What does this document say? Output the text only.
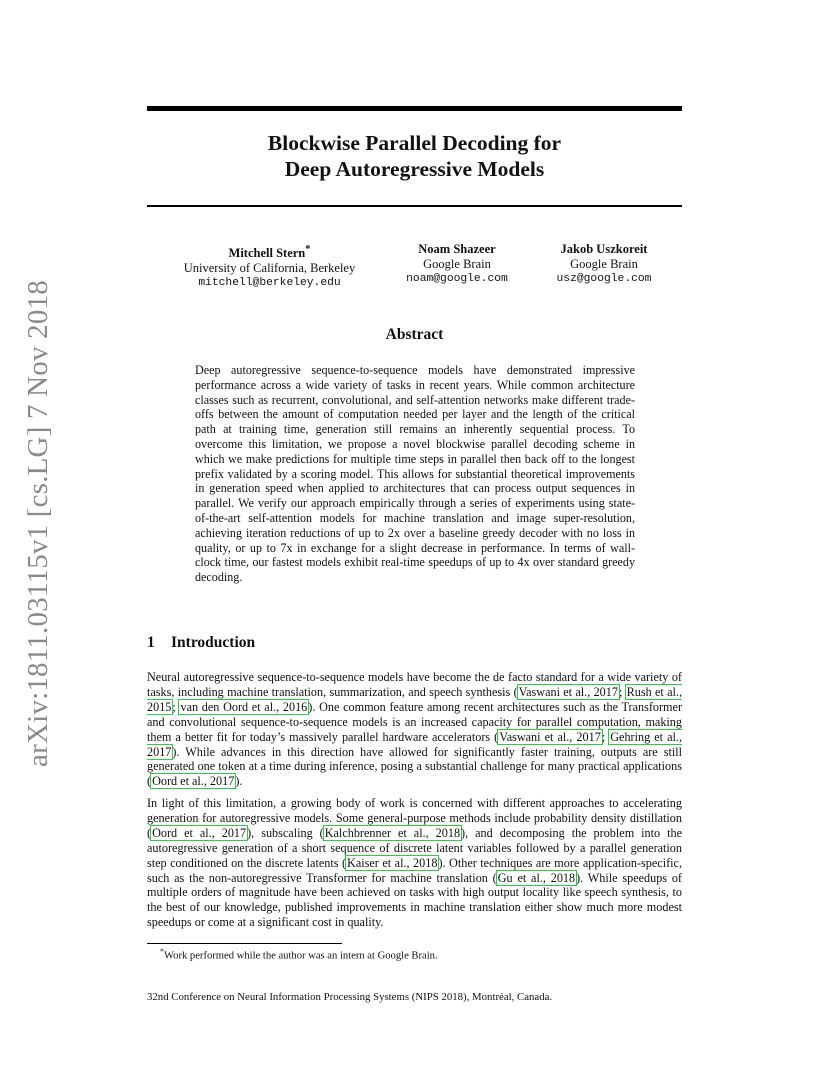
arXiv:1811.03115v1 [cs.LG] 7 Nov 2018
Blockwise Parallel Decoding for
Deep Autoregressive Models
Mitchell Stern*
University of California, Berkeley
mitchell@berkeley.edu
Noam Shazeer
Google Brain
noam@google.com
Jakob Uszkoreit
Google Brain
usz@google.com
Abstract
Deep autoregressive sequence-to-sequence models have demonstrated impressive performance across a wide variety of tasks in recent years. While common architecture classes such as recurrent, convolutional, and self-attention networks make different trade-offs between the amount of computation needed per layer and the length of the critical path at training time, generation still remains an inherently sequential process. To overcome this limitation, we propose a novel blockwise parallel decoding scheme in which we make predictions for multiple time steps in parallel then back off to the longest prefix validated by a scoring model. This allows for substantial theoretical improvements in generation speed when applied to architectures that can process output sequences in parallel. We verify our approach empirically through a series of experiments using state-of-the-art self-attention models for machine translation and image super-resolution, achieving iteration reductions of up to 2x over a baseline greedy decoder with no loss in quality, or up to 7x in exchange for a slight decrease in performance. In terms of wall-clock time, our fastest models exhibit real-time speedups of up to 4x over standard greedy decoding.
1 Introduction
Neural autoregressive sequence-to-sequence models have become the de facto standard for a wide variety of tasks, including machine translation, summarization, and speech synthesis (Vaswani et al., 2017; Rush et al., 2015; van den Oord et al., 2016). One common feature among recent architectures such as the Transformer and convolutional sequence-to-sequence models is an increased capacity for parallel computation, making them a better fit for today’s massively parallel hardware accelerators (Vaswani et al., 2017; Gehring et al., 2017). While advances in this direction have allowed for significantly faster training, outputs are still generated one token at a time during inference, posing a substantial challenge for many practical applications (Oord et al., 2017).
In light of this limitation, a growing body of work is concerned with different approaches to accelerating generation for autoregressive models. Some general-purpose methods include probability density distillation (Oord et al., 2017), subscaling (Kalchbrenner et al., 2018), and decomposing the problem into the autoregressive generation of a short sequence of discrete latent variables followed by a parallel generation step conditioned on the discrete latents (Kaiser et al., 2018). Other techniques are more application-specific, such as the non-autoregressive Transformer for machine translation (Gu et al., 2018). While speedups of multiple orders of magnitude have been achieved on tasks with high output locality like speech synthesis, to the best of our knowledge, published improvements in machine translation either show much more modest speedups or come at a significant cost in quality.
*Work performed while the author was an intern at Google Brain.
32nd Conference on Neural Information Processing Systems (NIPS 2018), Montréal, Canada.
